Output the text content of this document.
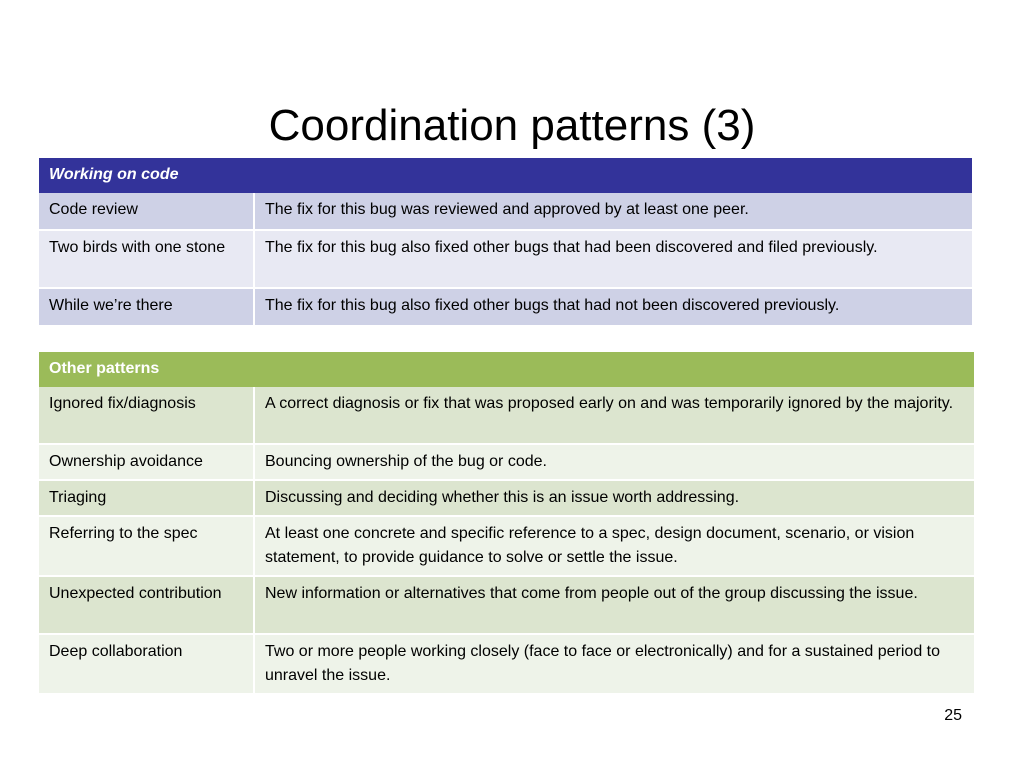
Coordination patterns (3)
Working on code	
Code review	The fix for this bug was reviewed and approved by at least one peer.
Two birds with one stone	The fix for this bug also fixed other bugs that had been discovered and filed previously.
While we’re there	The fix for this bug also fixed other bugs that had not been discovered previously.
Other patterns	
Ignored fix/diagnosis	A correct diagnosis or fix that was proposed early on and was temporarily ignored by the majority.
Ownership avoidance	Bouncing ownership of the bug or code.
Triaging	Discussing and deciding whether this is an issue worth addressing.
Referring to the spec	At least one concrete and specific reference to a spec, design document, scenario, or vision statement, to provide guidance to solve or settle the issue.
Unexpected contribution	New information or alternatives that come from people out of the group discussing the issue.
Deep collaboration	Two or more people working closely (face to face or electronically) and for a sustained period to unravel the issue.
25
